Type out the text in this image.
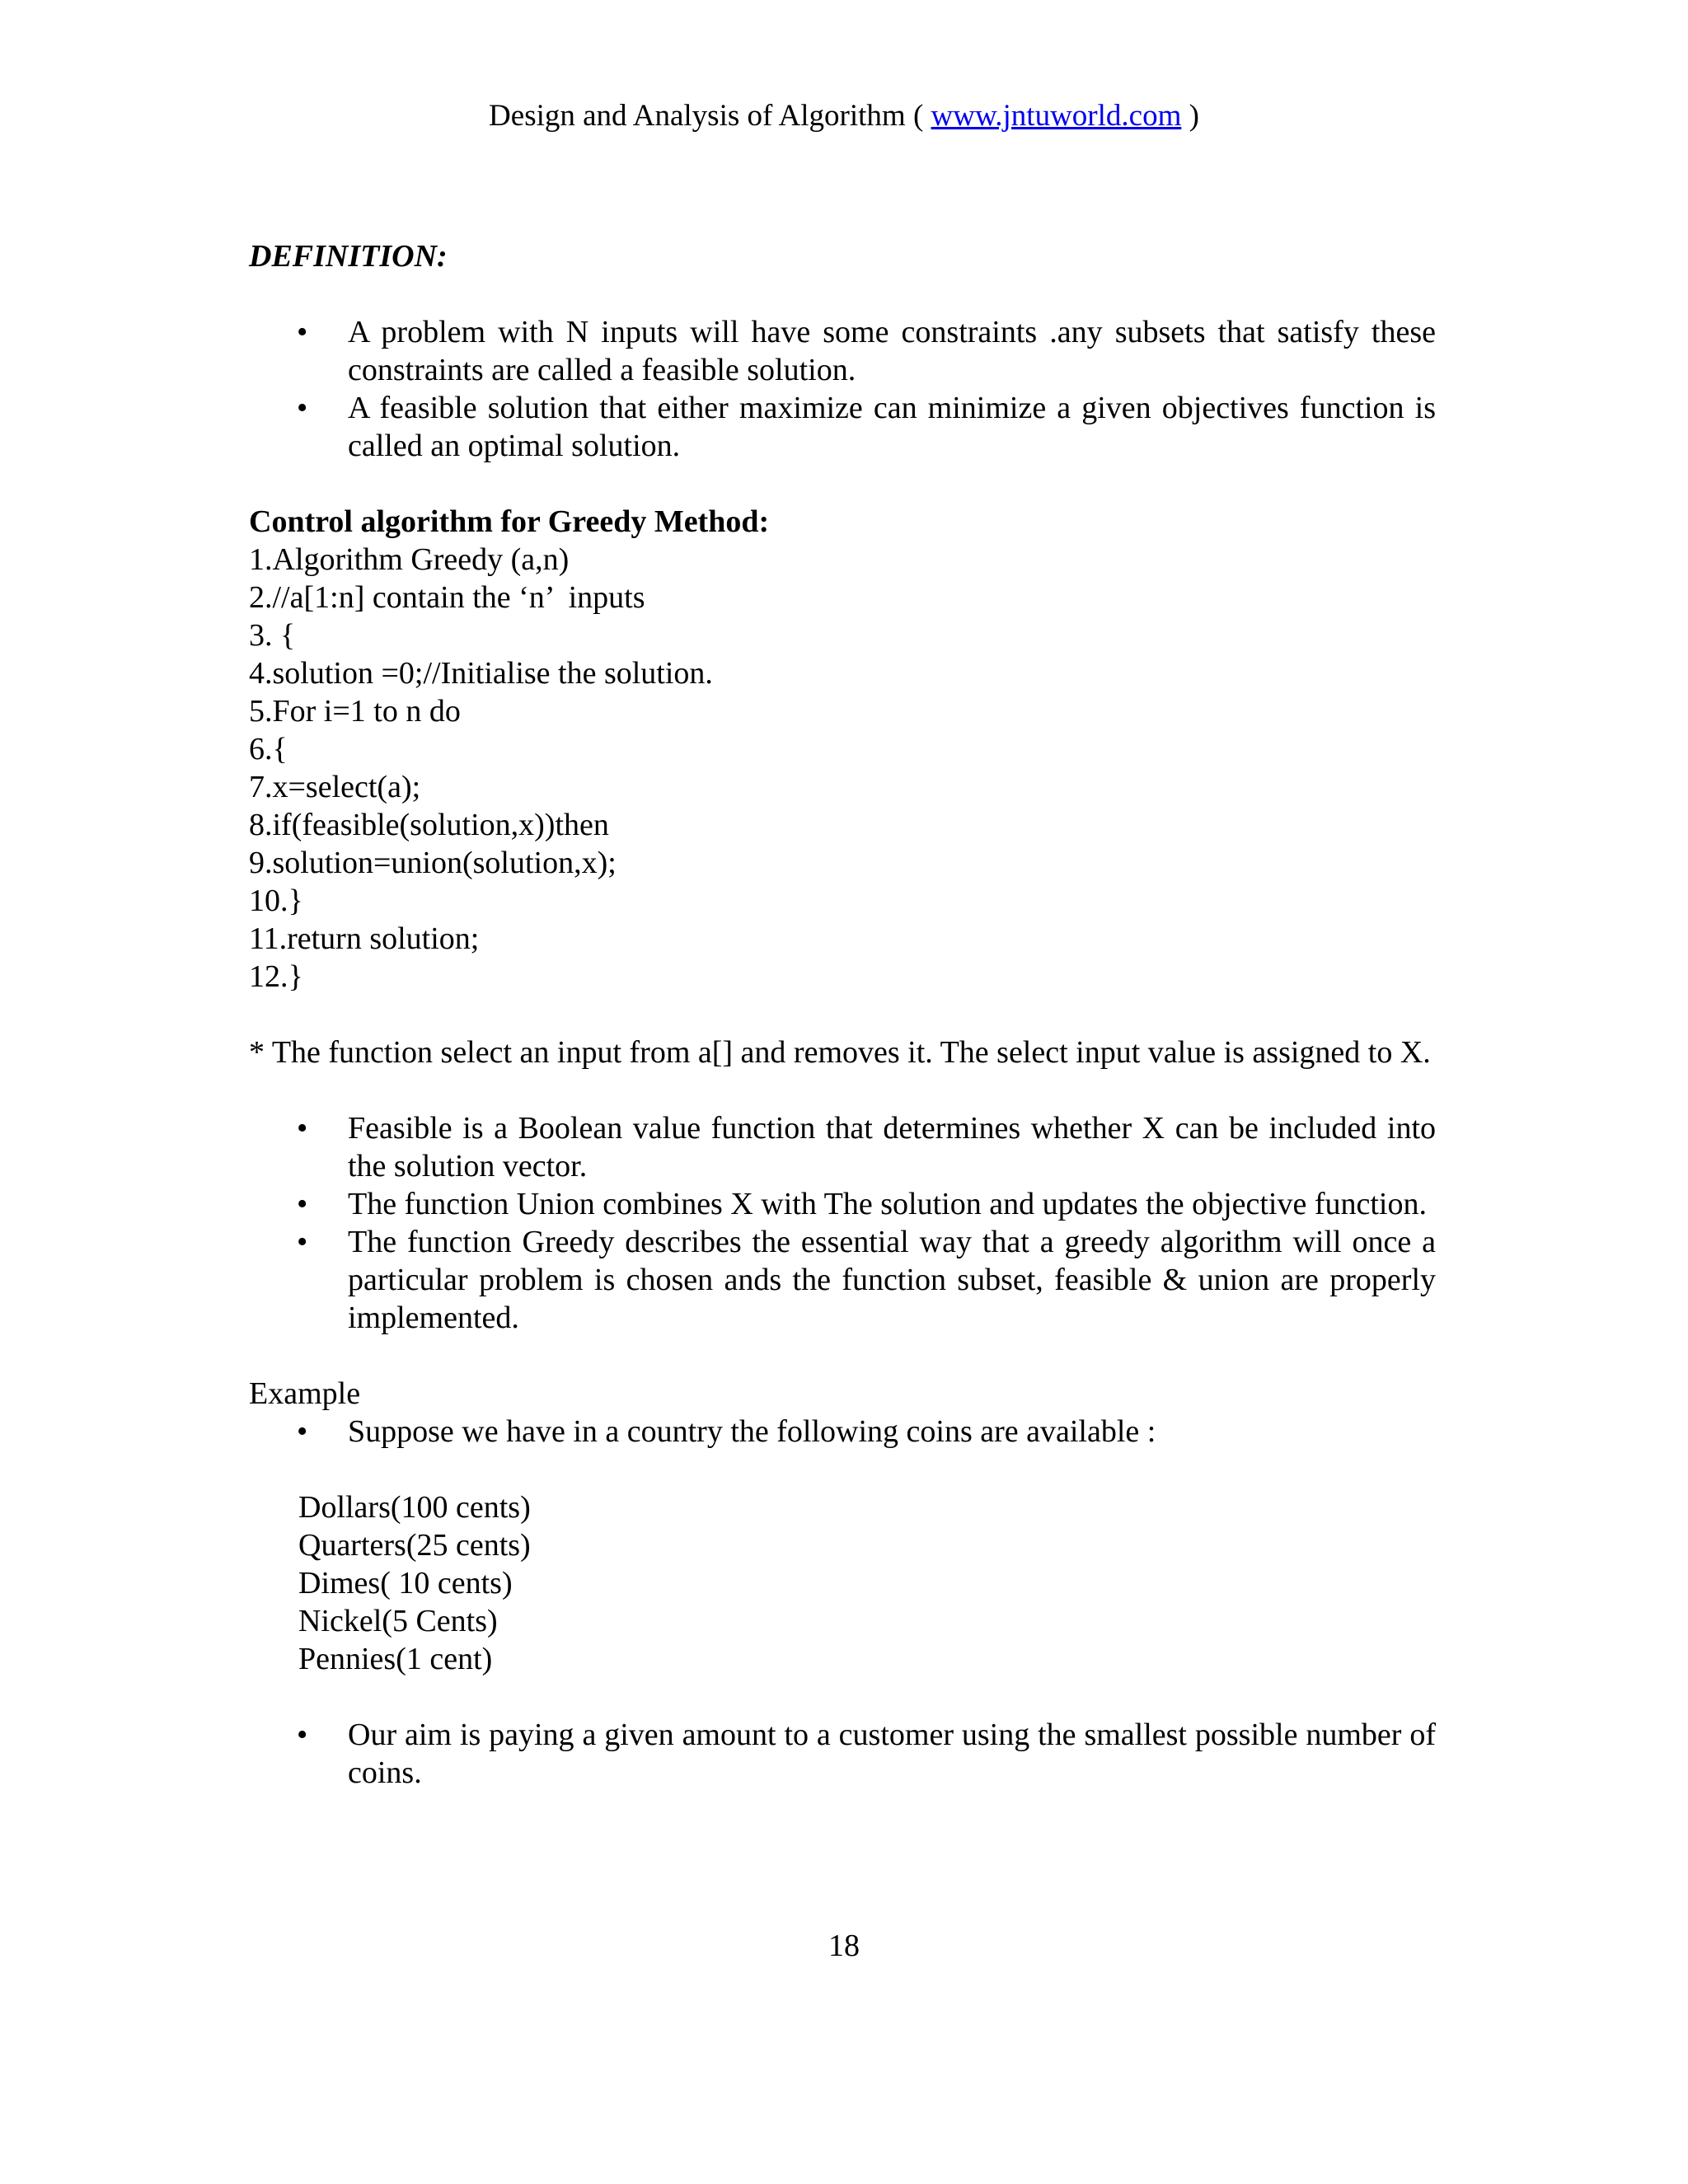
Design and Analysis of Algorithm ( www.jntuworld.com )

DEFINITION:

• A problem with N inputs will have some constraints .any subsets that satisfy these constraints are called a feasible solution.
• A feasible solution that either maximize can minimize a given objectives function is called an optimal solution.

Control algorithm for Greedy Method:

1.Algorithm Greedy (a,n)

2.//a[1:n] contain the ‘n’  inputs

3. {

4.solution =0;//Initialise the solution.

5.For i=1 to n do

6.{

7.x=select(a);

8.if(feasible(solution,x))then

9.solution=union(solution,x);

10.}

11.return solution;

12.}

* The function select an input from a[] and removes it. The select input value is assigned to X.

• Feasible is a Boolean value function that determines whether X can be included into the solution vector.
• The function Union combines X with The solution and updates the objective function.
• The function Greedy describes the essential way that a greedy algorithm will once a particular problem is chosen ands the function subset, feasible & union are properly implemented.

Example

• Suppose we have in a country the following coins are available :
Dollars(100 cents)
Quarters(25 cents)
Dimes( 10 cents)
Nickel(5 Cents)
Pennies(1 cent)
• Our aim is paying a given amount to a customer using the smallest possible number of coins.
18
